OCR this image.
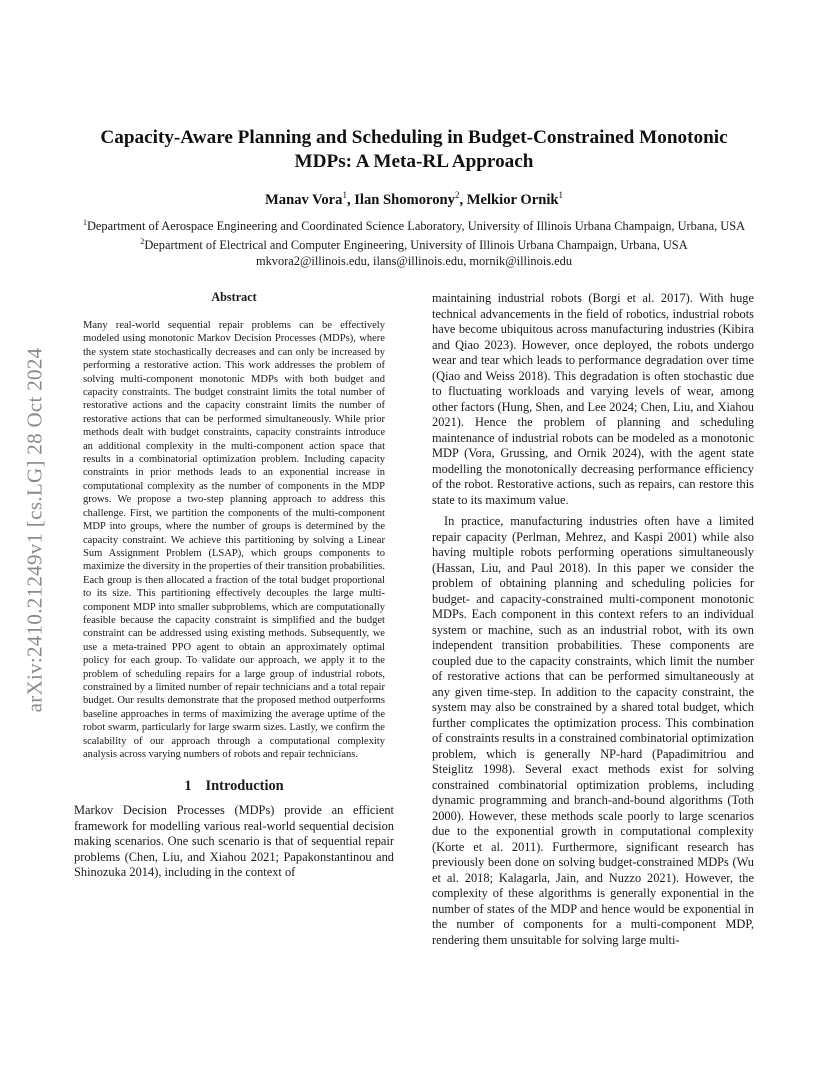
arXiv:2410.21249v1 [cs.LG] 28 Oct 2024
Capacity-Aware Planning and Scheduling in Budget-Constrained Monotonic
MDPs: A Meta-RL Approach
Manav Vora$^1$, Ilan Shomorony$^2$, Melkior Ornik$^1$
$^1$Department of Aerospace Engineering and Coordinated Science Laboratory, University of Illinois Urbana Champaign, Urbana, USA
$^2$Department of Electrical and Computer Engineering, University of Illinois Urbana Champaign, Urbana, USA
mkvora2@illinois.edu, ilans@illinois.edu, mornik@illinois.edu
Abstract

Many real-world sequential repair problems can be effectively modeled using monotonic Markov Decision Processes (MDPs), where the system state stochastically decreases and can only be increased by performing a restorative action. This work addresses the problem of solving multi-component monotonic MDPs with both budget and capacity constraints. The budget constraint limits the total number of restorative actions and the capacity constraint limits the number of restorative actions that can be performed simultaneously. While prior methods dealt with budget constraints, capacity constraints introduce an additional complexity in the multi-component action space that results in a combinatorial optimization problem. Including capacity constraints in prior methods leads to an exponential increase in computational complexity as the number of components in the MDP grows. We propose a two-step planning approach to address this challenge. First, we partition the components of the multi-component MDP into groups, where the number of groups is determined by the capacity constraint. We achieve this partitioning by solving a Linear Sum Assignment Problem (LSAP), which groups components to maximize the diversity in the properties of their transition probabilities. Each group is then allocated a fraction of the total budget proportional to its size. This partitioning effectively decouples the large multi-component MDP into smaller subproblems, which are computationally feasible because the capacity constraint is simplified and the budget constraint can be addressed using existing methods. Subsequently, we use a meta-trained PPO agent to obtain an approximately optimal policy for each group. To validate our approach, we apply it to the problem of scheduling repairs for a large group of industrial robots, constrained by a limited number of repair technicians and a total repair budget. Our results demonstrate that the proposed method outperforms baseline approaches in terms of maximizing the average uptime of the robot swarm, particularly for large swarm sizes. Lastly, we confirm the scalability of our approach through a computational complexity analysis across varying numbers of robots and repair technicians.

1 Introduction

Markov Decision Processes (MDPs) provide an efficient framework for modelling various real-world sequential decision making scenarios. One such scenario is that of sequential repair problems (Chen, Liu, and Xiahou 2021; Papakonstantinou and Shinozuka 2014), including in the context of

maintaining industrial robots (Borgi et al. 2017). With huge technical advancements in the field of robotics, industrial robots have become ubiquitous across manufacturing industries (Kibira and Qiao 2023). However, once deployed, the robots undergo wear and tear which leads to performance degradation over time (Qiao and Weiss 2018). This degradation is often stochastic due to fluctuating workloads and varying levels of wear, among other factors (Hung, Shen, and Lee 2024; Chen, Liu, and Xiahou 2021). Hence the problem of planning and scheduling maintenance of industrial robots can be modeled as a monotonic MDP (Vora, Grussing, and Ornik 2024), with the agent state modelling the monotonically decreasing performance efficiency of the robot. Restorative actions, such as repairs, can restore this state to its maximum value.

In practice, manufacturing industries often have a limited repair capacity (Perlman, Mehrez, and Kaspi 2001) while also having multiple robots performing operations simultaneously (Hassan, Liu, and Paul 2018). In this paper we consider the problem of obtaining planning and scheduling policies for budget- and capacity-constrained multi-component monotonic MDPs. Each component in this context refers to an individual system or machine, such as an industrial robot, with its own independent transition probabilities. These components are coupled due to the capacity constraints, which limit the number of restorative actions that can be performed simultaneously at any given time-step. In addition to the capacity constraint, the system may also be constrained by a shared total budget, which further complicates the optimization process. This combination of constraints results in a constrained combinatorial optimization problem, which is generally NP-hard (Papadimitriou and Steiglitz 1998). Several exact methods exist for solving constrained combinatorial optimization problems, including dynamic programming and branch-and-bound algorithms (Toth 2000). However, these methods scale poorly to large scenarios due to the exponential growth in computational complexity (Korte et al. 2011). Furthermore, significant research has previously been done on solving budget-constrained MDPs (Wu et al. 2018; Kalagarla, Jain, and Nuzzo 2021). However, the complexity of these algorithms is generally exponential in the number of states of the MDP and hence would be exponential in the number of components for a multi-component MDP, rendering them unsuitable for solving large multi-
